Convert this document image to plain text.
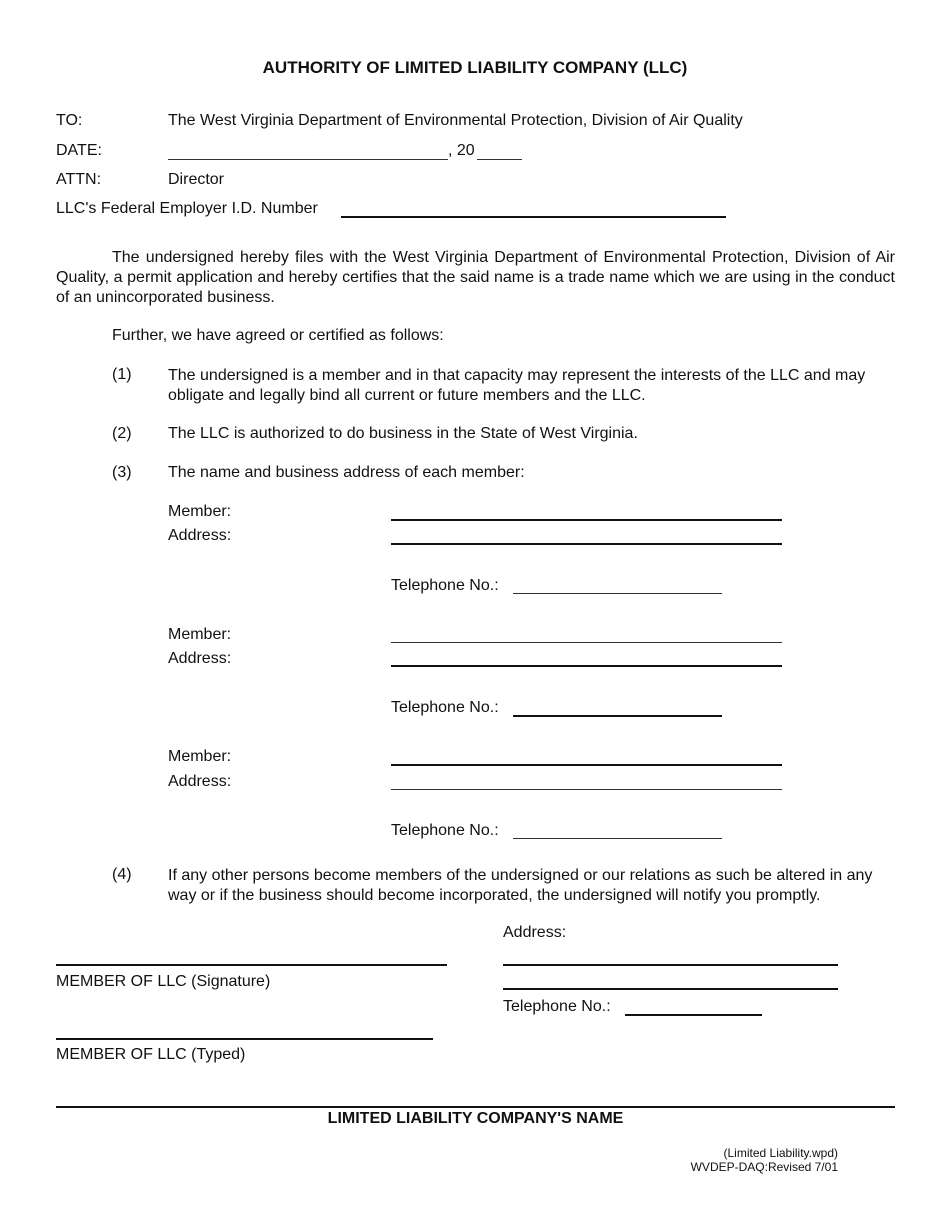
AUTHORITY OF LIMITED LIABILITY COMPANY (LLC)
TO:	The West Virginia Department of Environmental Protection, Division of Air Quality
DATE:	, 20
ATTN:	Director
LLC's Federal Employer I.D. Number
The undersigned hereby files with the West Virginia Department of Environmental Protection, Division of Air Quality, a permit application and hereby certifies that the said name is a trade name which we are using in the conduct of an unincorporated business.
Further, we have agreed or certified as follows:
(1) The undersigned is a member and in that capacity may represent the interests of the LLC and may obligate and legally bind all current or future members and the LLC.
(2) The LLC is authorized to do business in the State of West Virginia.
(3) The name and business address of each member:
Member:
Address:
Telephone No.:
Member:
Address:
Telephone No.:
Member:
Address:
Telephone No.:
(4) If any other persons become members of the undersigned or our relations as such be altered in any way or if the business should become incorporated, the undersigned will notify you promptly.
Address:
MEMBER OF LLC (Signature)
Telephone No.:
MEMBER OF LLC (Typed)
LIMITED LIABILITY COMPANY'S NAME
(Limited Liability.wpd)
WVDEP-DAQ:Revised 7/01
